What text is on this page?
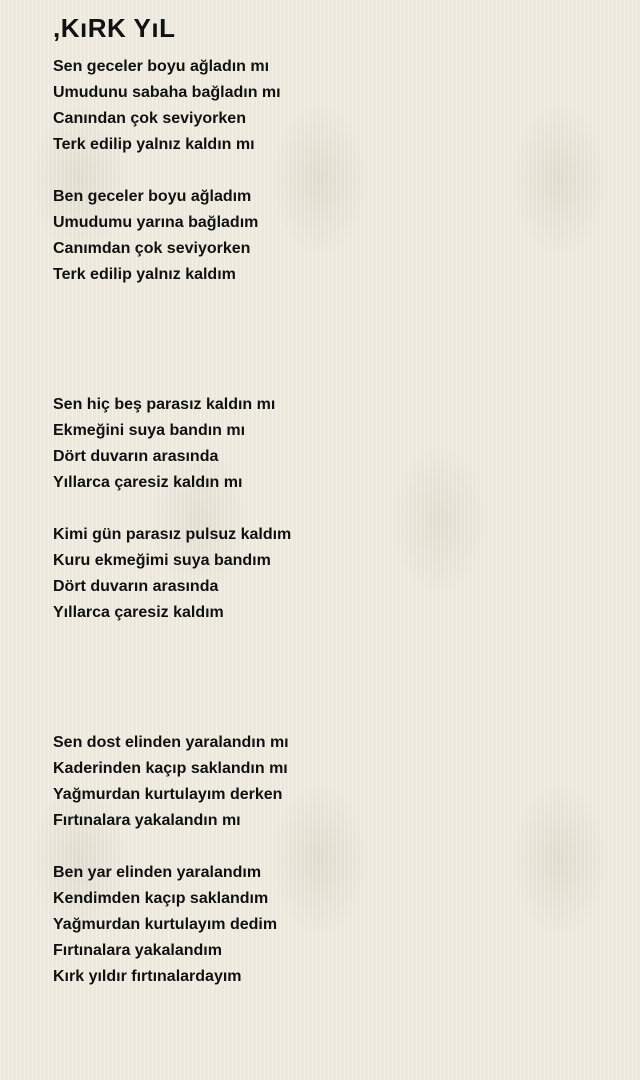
,KıRK YıL
Sen geceler boyu ağladın mı
Umudunu sabaha bağladın mı
Canından çok seviyorken
Terk edilip yalnız kaldın mı
Ben geceler boyu ağladım
Umudumu yarına bağladım
Canımdan çok seviyorken
Terk edilip yalnız kaldım
Sen hiç beş parasız kaldın mı
Ekmeğini suya bandın mı
Dört duvarın arasında
Yıllarca çaresiz kaldın mı
Kimi gün parasız pulsuz kaldım
Kuru ekmeğimi suya bandım
Dört duvarın arasında
Yıllarca çaresiz kaldım
Sen dost elinden yaralandın mı
Kaderinden kaçıp saklandın mı
Yağmurdan kurtulayım derken
Fırtınalara yakalandın mı
Ben yar elinden yaralandım
Kendimden kaçıp saklandım
Yağmurdan kurtulayım dedim
Fırtınalara yakalandım
Kırk yıldır fırtınalardayım
